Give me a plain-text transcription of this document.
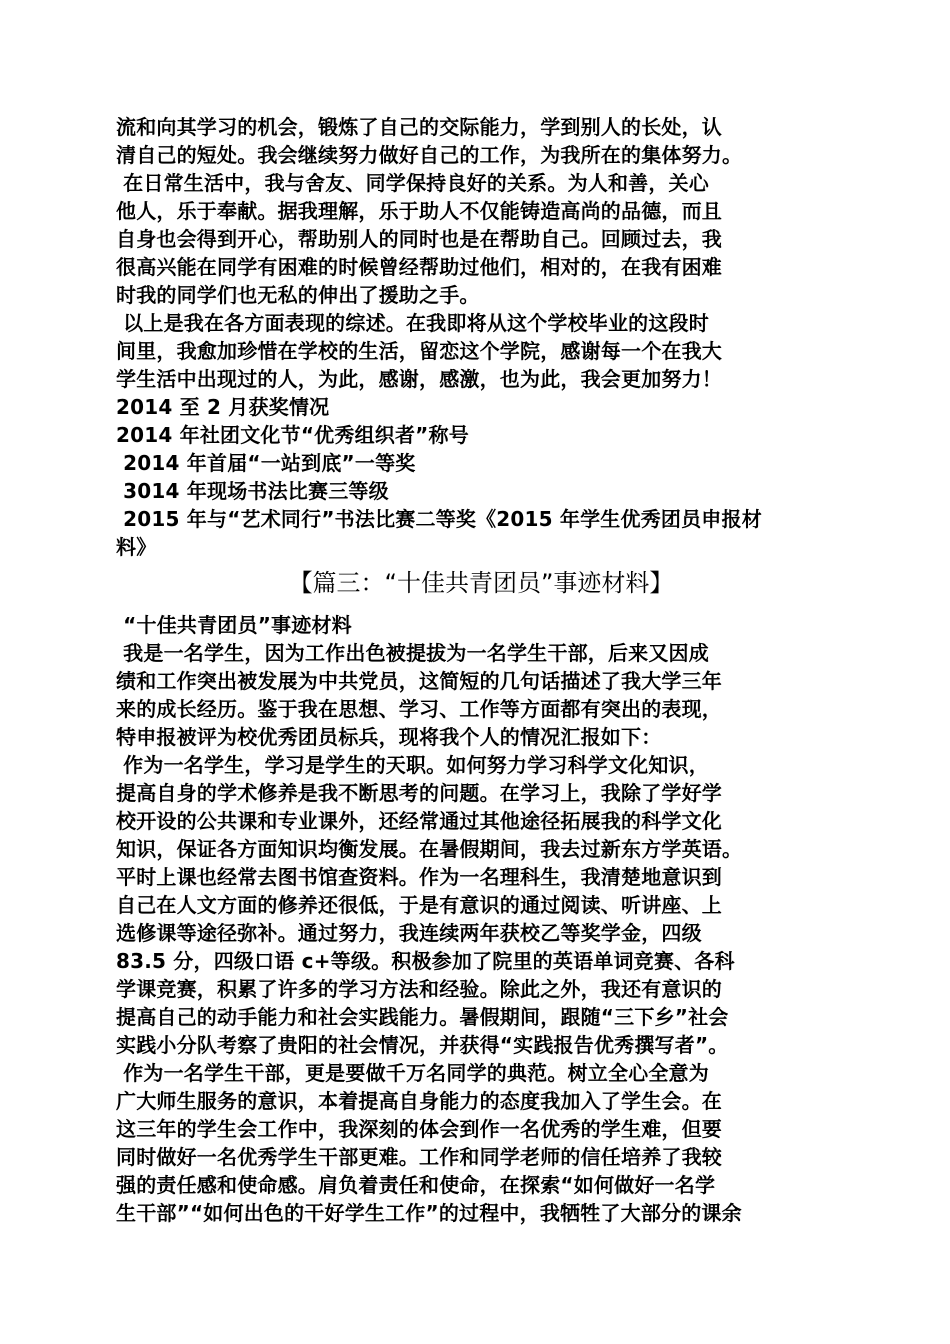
流和向其学习的机会，锻炼了自己的交际能力，学到别人的长处，认
清自己的短处。我会继续努力做好自己的工作，为我所在的集体努力。
在日常生活中，我与舍友、同学保持良好的关系。为人和善，关心
他人，乐于奉献。据我理解，乐于助人不仅能铸造高尚的品德，而且
自身也会得到开心，帮助别人的同时也是在帮助自己。回顾过去，我
很高兴能在同学有困难的时候曾经帮助过他们，相对的，在我有困难
时我的同学们也无私的伸出了援助之手。
以上是我在各方面表现的综述。在我即将从这个学校毕业的这段时
间里，我愈加珍惜在学校的生活，留恋这个学院，感谢每一个在我大
学生活中出现过的人，为此，感谢，感激，也为此，我会更加努力！
2014 至 2 月获奖情况
2014 年社团文化节“优秀组织者”称号
2014 年首届“一站到底”一等奖
3014 年现场书法比赛三等级
2015 年与“艺术同行”书法比赛二等奖《2015 年学生优秀团员申报材
料》
【篇三：“十佳共青团员”事迹材料】
“十佳共青团员”事迹材料
我是一名学生，因为工作出色被提拔为一名学生干部，后来又因成
绩和工作突出被发展为中共党员，这简短的几句话描述了我大学三年
来的成长经历。鉴于我在思想、学习、工作等方面都有突出的表现，
特申报被评为校优秀团员标兵，现将我个人的情况汇报如下：
作为一名学生，学习是学生的天职。如何努力学习科学文化知识，
提高自身的学术修养是我不断思考的问题。在学习上，我除了学好学
校开设的公共课和专业课外，还经常通过其他途径拓展我的科学文化
知识，保证各方面知识均衡发展。在暑假期间，我去过新东方学英语。
平时上课也经常去图书馆查资料。作为一名理科生，我清楚地意识到
自己在人文方面的修养还很低，于是有意识的通过阅读、听讲座、上
选修课等途径弥补。通过努力，我连续两年获校乙等奖学金，四级
83.5 分，四级口语 c+等级。积极参加了院里的英语单词竞赛、各科
学课竞赛，积累了许多的学习方法和经验。除此之外，我还有意识的
提高自己的动手能力和社会实践能力。暑假期间，跟随“三下乡”社会
实践小分队考察了贵阳的社会情况，并获得“实践报告优秀撰写者”。
作为一名学生干部，更是要做千万名同学的典范。树立全心全意为
广大师生服务的意识，本着提高自身能力的态度我加入了学生会。在
这三年的学生会工作中，我深刻的体会到作一名优秀的学生难，但要
同时做好一名优秀学生干部更难。工作和同学老师的信任培养了我较
强的责任感和使命感。肩负着责任和使命，在探索“如何做好一名学
生干部”“如何出色的干好学生工作”的过程中，我牺牲了大部分的课余
